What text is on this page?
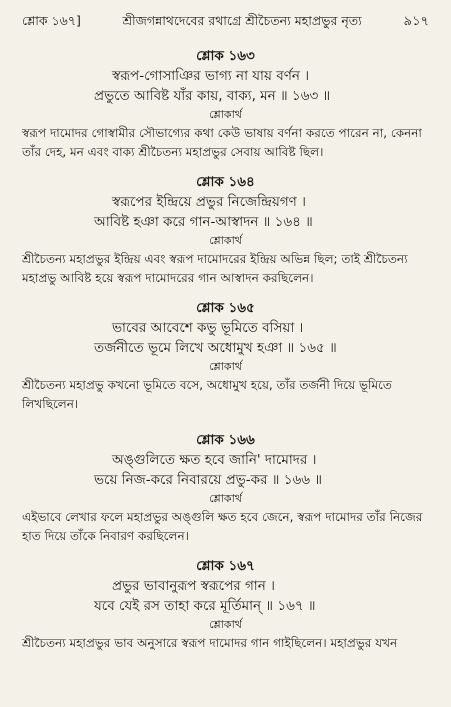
শ্লোক ১৬৭]	শ্রীজগন্নাথদেবের রথাগ্রে শ্রীচৈতন্য মহাপ্রভুর নৃত্য	৯১৭
শ্লোক ১৬৩
স্বরূপ-গোসাঞির ভাগ্য না যায় বর্ণন ।
প্রভুতে আবিষ্ট যাঁর কায়, বাক্য, মন ॥ ১৬৩ ॥
শ্লোকার্থ
স্বরূপ দামোদর গোস্বামীর সৌভাগ্যের কথা কেউ ভাষায় বর্ণনা করতে পারেন না, কেননা তাঁর দেহ, মন এবং বাক্য শ্রীচৈতন্য মহাপ্রভুর সেবায় আবিষ্ট ছিল।
শ্লোক ১৬৪
স্বরূপের ইন্দ্রিয়ে প্রভুর নিজেন্দ্রিয়গণ ।
আবিষ্ট হঞা করে গান-আস্বাদন ॥ ১৬৪ ॥
শ্লোকার্থ
শ্রীচৈতন্য মহাপ্রভুর ইন্দ্রিয় এবং স্বরূপ দামোদরের ইন্দ্রিয় অভিন্ন ছিল; তাই শ্রীচৈতন্য মহাপ্রভু আবিষ্ট হয়ে স্বরূপ দামোদরের গান আস্বাদন করছিলেন।
শ্লোক ১৬৫
ভাবের আবেশে কভু ভূমিতে বসিয়া ।
তর্জনীতে ভূমে লিখে অধোমুখ হঞা ॥ ১৬৫ ॥
শ্লোকার্থ
শ্রীচৈতন্য মহাপ্রভু কখনো ভূমিতে বসে, অধোমুখ হয়ে, তাঁর তর্জনী দিয়ে ভূমিতে লিখছিলেন।
শ্লোক ১৬৬
অঙ্গুলিতে ক্ষত হবে জানি' দামোদর ।
ভয়ে নিজ-করে নিবারয়ে প্রভু-কর ॥ ১৬৬ ॥
শ্লোকার্থ
এইভাবে লেখার ফলে মহাপ্রভুর অঙ্গুলি ক্ষত হবে জেনে, স্বরূপ দামোদর তাঁর নিজের হাত দিয়ে তাঁকে নিবারণ করছিলেন।
শ্লোক ১৬৭
প্রভুর ভাবানুরূপ স্বরূপের গান ।
যবে যেই রস তাহা করে মূর্তিমান্ ॥ ১৬৭ ॥
শ্লোকার্থ
শ্রীচৈতন্য মহাপ্রভুর ভাব অনুসারে স্বরূপ দামোদর গান গাইছিলেন। মহাপ্রভুর যখন
